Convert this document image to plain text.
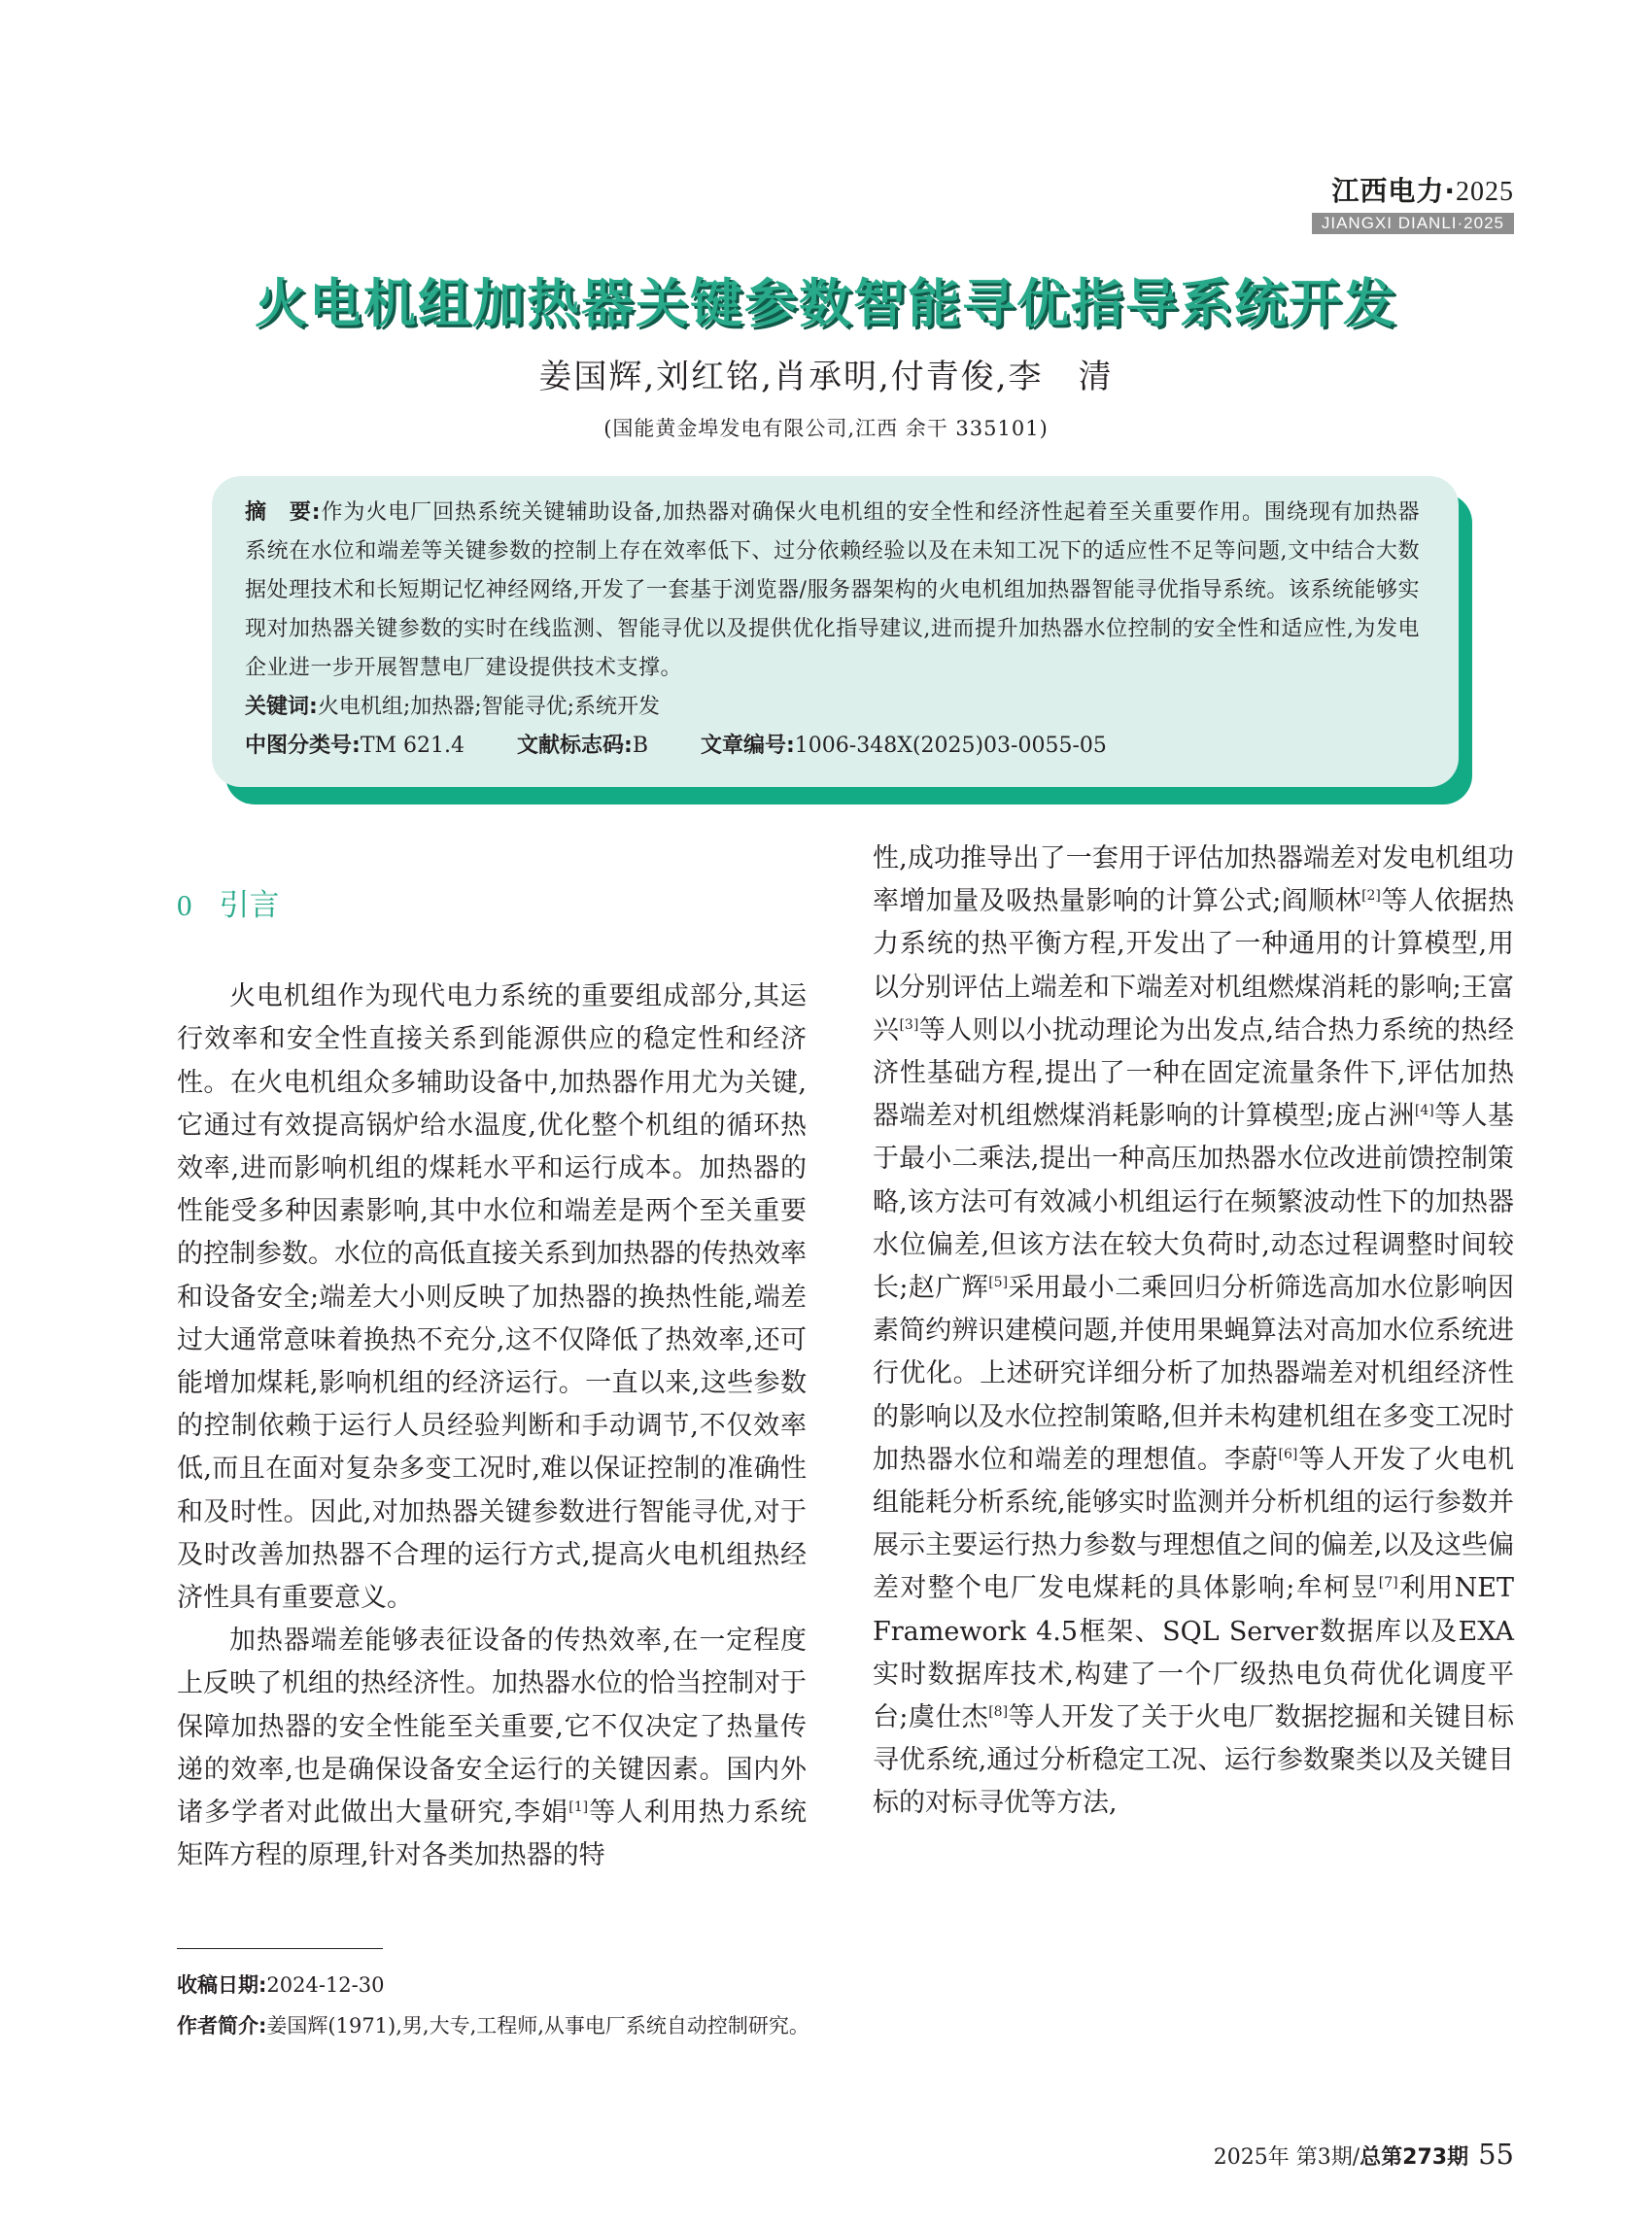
江西电力·2025
JIANGXI DIANLI·2025
火电机组加热器关键参数智能寻优指导系统开发
姜国辉,刘红铭,肖承明,付青俊,李　清
(国能黄金埠发电有限公司,江西 余干 335101)
摘　要:作为火电厂回热系统关键辅助设备,加热器对确保火电机组的安全性和经济性起着至关重要作用。围绕现有加热器系统在水位和端差等关键参数的控制上存在效率低下、过分依赖经验以及在未知工况下的适应性不足等问题,文中结合大数据处理技术和长短期记忆神经网络,开发了一套基于浏览器/服务器架构的火电机组加热器智能寻优指导系统。该系统能够实现对加热器关键参数的实时在线监测、智能寻优以及提供优化指导建议,进而提升加热器水位控制的安全性和适应性,为发电企业进一步开展智慧电厂建设提供技术支撑。
关键词:火电机组;加热器;智能寻优;系统开发
中图分类号:TM 621.4 文献标志码:B 文章编号:1006-348X(2025)03-0055-05
0 引言

火电机组作为现代电力系统的重要组成部分,其运行效率和安全性直接关系到能源供应的稳定性和经济性。在火电机组众多辅助设备中,加热器作用尤为关键,它通过有效提高锅炉给水温度,优化整个机组的循环热效率,进而影响机组的煤耗水平和运行成本。加热器的性能受多种因素影响,其中水位和端差是两个至关重要的控制参数。水位的高低直接关系到加热器的传热效率和设备安全;端差大小则反映了加热器的换热性能,端差过大通常意味着换热不充分,这不仅降低了热效率,还可能增加煤耗,影响机组的经济运行。一直以来,这些参数的控制依赖于运行人员经验判断和手动调节,不仅效率低,而且在面对复杂多变工况时,难以保证控制的准确性和及时性。因此,对加热器关键参数进行智能寻优,对于及时改善加热器不合理的运行方式,提高火电机组热经济性具有重要意义。

加热器端差能够表征设备的传热效率,在一定程度上反映了机组的热经济性。加热器水位的恰当控制对于保障加热器的安全性能至关重要,它不仅决定了热量传递的效率,也是确保设备安全运行的关键因素。国内外诸多学者对此做出大量研究,李娟[1]等人利用热力系统矩阵方程的原理,针对各类加热器的特

性,成功推导出了一套用于评估加热器端差对发电机组功率增加量及吸热量影响的计算公式;阎顺林[2]等人依据热力系统的热平衡方程,开发出了一种通用的计算模型,用以分别评估上端差和下端差对机组燃煤消耗的影响;王富兴[3]等人则以小扰动理论为出发点,结合热力系统的热经济性基础方程,提出了一种在固定流量条件下,评估加热器端差对机组燃煤消耗影响的计算模型;庞占洲[4]等人基于最小二乘法,提出一种高压加热器水位改进前馈控制策略,该方法可有效减小机组运行在频繁波动性下的加热器水位偏差,但该方法在较大负荷时,动态过程调整时间较长;赵广辉[5]采用最小二乘回归分析筛选高加水位影响因素简约辨识建模问题,并使用果蝇算法对高加水位系统进行优化。上述研究详细分析了加热器端差对机组经济性的影响以及水位控制策略,但并未构建机组在多变工况时加热器水位和端差的理想值。李蔚[6]等人开发了火电机组能耗分析系统,能够实时监测并分析机组的运行参数并展示主要运行热力参数与理想值之间的偏差,以及这些偏差对整个电厂发电煤耗的具体影响;牟柯昱[7]利用NET Framework 4.5框架、SQL Server数据库以及EXA实时数据库技术,构建了一个厂级热电负荷优化调度平台;虞仕杰[8]等人开发了关于火电厂数据挖掘和关键目标寻优系统,通过分析稳定工况、运行参数聚类以及关键目标的对标寻优等方法,

收稿日期:2024-12-30
作者简介:姜国辉(1971),男,大专,工程师,从事电厂系统自动控制研究。
2025年 第3期/总第273期 55
